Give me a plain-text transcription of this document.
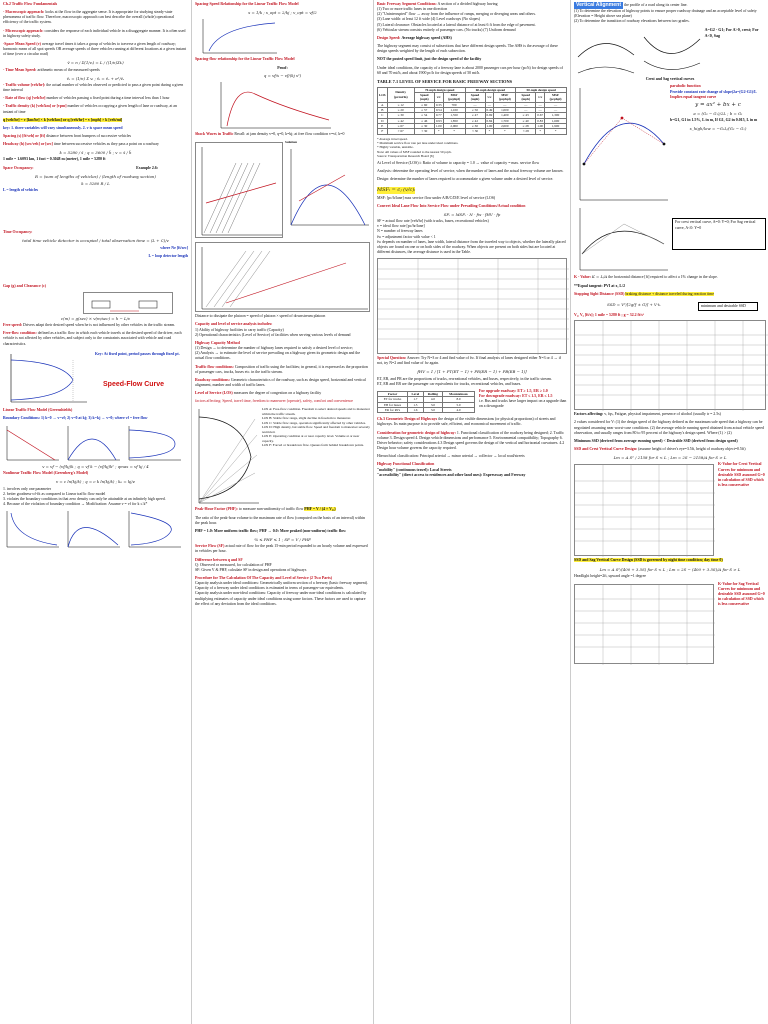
Ch.2 Traffic Flow Fundamentals
- Macroscopic approach: looks at the flow in the aggregate sense. It is appropriate for studying steady-state phenomena of traffic flow. Therefore, macroscopic approach can best describe the overall (whole) operational efficiency of the traffic system.
- Microscopic approach: considers the response of each individual vehicle in a disaggregate manner. It is often used in highway safety study.
-Space Mean Speed (v) average travel times it takes a group of vehicles to traverse a given length of roadway; harmonic mean of all spot speeds OR average speeds of three vehicles running at different locations at a given instant of time (over a circular road)
v̄ = n / Σ(1/vᵢ) = L / ((1/n)Σtᵢ)
- Time Mean Speed: arithmetic mean of the measured speeds
v̄ₜ = (1/n) Σ vᵢ ; v̄ₜ = v̄ₛ + σ²/v̄ₛ
- Traffic volume [veh/hr]: the actual number of vehicles observed or predicted to pass a given point during a given time interval
- Rate of flow (q) [veh/hr] number of vehicles passing a fixed point during a time interval less than 1 hour
- Traffic density (k) [veh/km] or [vpm] number of vehicles occupying a given length of lane or roadway, at an instant of time
q [veh/hr] = v [km/hr] × k [veh/km] or q [veh/hr] = v [mph] × k [veh/mi]
key: 1. three variables will vary simultaneously. 2. v is space mean speed
Spacing (s) [ft/veh] or [ft] distance between front bumpers of successive vehicles
Headway (h) [sec/veh] or [sec] time between successive vehicles as they pass a point on a roadway
k = 5280 / s̄ ; q = 3600 / h̄ ; v = s̄ / h̄
1 mile = 1.6093 km, 1 foot = 0.3048 m (meter), 1 mile = 5280 ft
Space Occupancy:	Example 2.6:
R = (sum of lengths of vehicles) / (length of roadway section)
k = 5280 R / L
L = length of vehicles
Time Occupancy:
total time vehicle detector is occupied / total observation time = (L + C)/v
where Ne [ft/sec]
L = loop detector length
Gap (g) and Clearance (c)
c(m) = g(sec) × v(m/sec) = h − L/v
Free speed: Drivers adapt their desired speed when he is not influenced by other vehicles in the traffic stream.
Free-flow condition: defined as a traffic flow in which each vehicle travels at the desired speed of the driver, each vehicle is not affected by other vehicles, and subject only to the constraints associated with vehicle and road characteristics.
Key: At fixed point, period passes through fixed pt.
Speed-Flow Curve
Linear Traffic Flow Model (Greenshields)
Boundary Conditions: 1) k=0 → v=vf; 2) v=0 at kj; 3) k=kj → v=0; where vf = free flow
v = vf − (vf/kj)k ; q = vf k − (vf/kj)k² ; qmax = vf kj / 4
Nonlinear Traffic Flow Model (Greenberg's Model)
v = c ln(kj/k) ; q = c k ln(kj/k) ; k₀ = kj/e
1. involves only one parameter
2. better goodness-of-fit as compared to Linear traffic flow model
3. violates the boundary conditions in that zero density can only be attainable at an infinitely high speed.
4. Because of the violation of boundary condition → Modification: Assume v = vf for k ≤ k*
Spacing-Speed Relationship for the Linear Traffic Flow Model
s = 1/k ; s_opt = 2/kj ; v_opt = vf/2
Spacing-flow relationship for the Linear Traffic Flow Model
Proof:
q = vf/s − vf/(kj s²)
Shock Waves in Traffic Recall: at jam density v=0, q=0, k=kj; at free flow condition v=vf, k=0
Solution
Distance to dissipate the platoon = speed of platoon × speed of downstream platoon
Capacity and level of service analysis includes:
1) Ability of highway facilities to carry traffic (Capacity)
2) Operational characteristics (Level of Service) of facilities when serving various levels of demand
Highway Capacity Method
(1) Design → to determine the number of highway lanes required to satisfy a desired level of service;
(2) Analysis → to estimate the level of service prevailing on a highway given its geometric design and the actual flow conditions.
Traffic flow conditions: Composition of traffic using the facilities; in general, it is expressed as the proportion of passenger cars, trucks, buses etc. in the traffic stream.
Roadway conditions: Geometric characteristics of the roadway, such as design speed, horizontal and vertical alignment, number and width of traffic lanes.
Level of Service (LOS) measures the degree of congestion on a highway facility
factors affecting: Speed, travel time, freedom to maneuver (operate), safety, comfort and convenience
LOS A: Free-flow condition. Freedom to select desired speeds and to maneuver within the traffic stream.
LOS B: Stable flow range, slight decline in freedom to maneuver.
LOS C: Stable flow range, operation significantly affected by other vehicles.
LOS D: High density, but stable flow. Speed and freedom to maneuver severely restricted.
LOS E: Operating condition at or near capacity level. Volume at or near capacity.
LOS F: Forced or breakdown flow. Queues form behind breakdown points.
Peak-Hour Factor (PHF): to measure non-uniformity of traffic flow PHF = V / (4 × V₁₅)
The ratio of the peak-hour volume to the maximum rate of flow (computed on the basis of an interval) within the peak hour.
PHF = 1.0: More uniform traffic flow; PHF → 0.0: More peaked (non-uniform) traffic flow
¼ ≤ PHF ≤ 1 ; SF = V / PHF
Service Flow (SF) actual rate of flow for the peak 15-min period expanded to an hourly volume and expressed in vehicles per hour.
Difference between q and SF
Q: Observed or measured, for calculation of PHF
SF: Given V & PHF, calculate SF in design and operations of highways
Procedure for The Calculation Of The Capacity and Level of Service (2 Two Parts)
Capacity analysis under ideal conditions: Geometrically uniform section of a freeway (basic freeway segment). Capacity of a freeway under ideal conditions is estimated in terms of passenger-car equivalents.
Capacity analysis under non-ideal conditions: Capacity of freeway under non-ideal conditions is calculated by multiplying estimates of capacity under ideal conditions using some factors. These factors are used to capture the effect of any deviation from the ideal conditions.
Basic Freeway Segment Conditions: A section of a divided highway having
(1) Two or more traffic lanes in one direction
(2) "Uninterrupted" flow → away from the influence of ramps, merging or diverging areas and others.
(3) Lane width: at least 12 ft wide (4) Level roadways (No slopes)
(5) Lateral clearance: Obstacles located at a lateral distance of at least 6 ft from the edge of pavement.
(6) Vehicular stream consists entirely of passenger cars. (No trucks) (7) Uniform demand
Design Speed: Average highway speed (AHS)
The highway segment may consist of subsections that have different design speeds. The AHS is the average of these design speeds weighted by the length of each subsection.
NOT the posted speed limit, just the design speed of the facility
Under ideal conditions, the capacity of a freeway lane is about 2000 passenger cars per hour (pc/h) for design speeds of 60 and 70 mi/h, and about 1900 pc/h for design speeds of 50 mi/h.
TABLE 7.1 LEVEL OF SERVICE FOR BASIC FREEWAY SECTIONS
LOS	Density (pc/mi/ln)	70-mph design speed			60-mph design speed			50-mph design speed		
		Speed (mph)	v/c	MSF (pcphpl)	Speed (mph)	v/c	MSF (pcphpl)	Speed (mph)	v/c	MSF (pcphpl)
A	≤ 12	≥ 60	0.35	700	—	—	—	—	—	—
B	≤ 20	≥ 57	0.54	1,100	≥ 50	0.49	1,000	—	—	—
C	≤ 30	≥ 54	0.77	1,550	≥ 47	0.69	1,400	≥ 43	0.67	1,300
D	≤ 42	≥ 46	0.93	1,850	≥ 42	0.84	1,700	≥ 40	0.83	1,600
E	≤ 67	≥ 30	1.00	2,000	≥ 30	1.00	2,000	≥ 28	1.00	1,900
F	> 67	< 30	*	*	< 30	*	*	< 28	*	*
* Average travel speed.
* Maximum service flow rate per lane under ideal conditions.
* Highly variable, unstable.
Note: All values of MSF rounded to the nearest 50 pcph.
Source: Transportation Research Board [6]
At Level of Service (LOS) i: Ratio of volume to capacity = 1.0 → value of capacity = max. service flow
Analysis: determine the operating level of service, when the number of lanes and the actual freeway volume are known.
Design: determine the number of lanes required to accommodate a given volume under a desired level of service.
MSFᵢ = cⱼ (v/c)ᵢ
MSF: [pc/h/lane] max service flow under A/B/C/D/E level of service (LOS)
Convert Ideal Lane Flow Into Service Flow under Prevailing Conditions/Actual condition
SFᵢ = MSFᵢ · N · fw · fHV · fp
SF = actual flow rate [veh/hr] (with trucks, buses, recreational vehicles)
v = ideal flow rate [pc/hr/lane]
N = number of freeway lanes
fw = adjustment factor with value < 1
fw depends on number of lanes, lane width, lateral distance from the traveled way to objects, whether the laterally placed objects are found on one or on both sides of the roadway. When objects are present on both sides but are located at different distances, the average distance is used in the Table.
Special Question: Answer: Try N=3 or 4 and find value of fw. If final analysis of lanes designed either N=3 or 4 → if not, try N=2 and find value of fw again.
fHV = 1 / [1 + PT(ET − 1) + PR(ER − 1) + PB(EB − 1)]
ET, ER, and PR are the proportions of trucks, recreational vehicles, and buses, respectively, in the traffic stream.
ET, ER and EB are the passenger car equivalents for trucks, recreational vehicles, and buses.
Factor	Level	Rolling	Mountainous
ET for trucks	1.7	4.0	8.0
EB for buses	1.5	3.0	5.0
ER for RVs	1.6	3.0	4.0
For upgrade roadway: ET ≥ 1.5, ER ≥ 1.0
For downgrade roadway: ET ≤ 1.5, ER ≤ 1.5
i.e. Bus and trucks have larger impact on a upgrade than on a downgrade
Ch.3 Geometric Design of Highways the design of the visible dimensions (or physical proportions) of streets and highways. Its main purpose is to provide safe, efficient, and economical movement of traffic.
Consideration for geometric design of highway: 1. Functional classification of the roadway being designed; 2. Traffic volume 3. Design speed 4. Design vehicle dimensions and performance 5. Environmental compatibility; Topography 6. Driver behavior; safety considerations 4.3 Design speed governs the design of the vertical and horizontal curvatures. 4.2 Design hour volume governs the capacity required.
Hierarchical classification: Principal arterial → minor arterial → collector → local road/streets
Highway Functional Classification
"mobility" (continuous travel): Local Streets
"accessibility" (direct access to residences and other land uses): Expressway and Freeway
Vertical Alignment the profile of a road along its center line.
(1) To determine the elevation of highway points to ensure proper roadway drainage and an acceptable level of safety (Elevation = Height above sea plane)
(2) To determine the transition of roadway elevations between two grades.
A=G2 - G1; For A>0, crest; For A<0, Sag
Crest and Sag vertical curves
parabolic function
Provide constant rate change of slope(2a=(G2-G1)/L
Implies equal tangent curve
y = ax² + bx + c
a = (G₂ − G₁)/2L ; b = G₁
b=G1, G1 in 1.5%, L in m, If G1, G2 in 0.015, L in m
x_high/low = −G₁L/(G₂ − G₁)
For crest vertical curve, A=0: Y=0; For Sag vertical curve, A<0: Y=0
K - Value: K = L/A the horizontal distance [ft] required to affect a 1% change in the slope.
**Equal tangent: PVI at x, L/2
Stopping Sight Distance (SSD) braking distance + distance traveled during reaction time
SSD = V²/[2g(f ± G)] + V·tᵣ	minimum and desirable SSD
V₁, V₂ [ft/s]; 1 mile = 5280 ft ; g = 32.2 ft/s²
Factors affecting: v, fqs, Fatigue, physical impairment, presence of alcohol (usually tr = 2.5s)
2 values considered for V: (1) the design speed of the highway defined as the maximum safe speed that a highway can be negotiated assuming near worst-case conditions. (2) the average vehicle running speed obtained from actual vehicle speed observation, and usually ranges from 80 to 95 percent of the highway's design speed. Where (1) > (2)
Minimum SSD (derived from average running speed) < Desirable SSD (derived from design speed)
SSD and Crest Vertical Curve Design: (assume height of driver's eye=3.5ft, height of roadway object=0.5ft)
Lm = A S² / 2158 for S < L ; Lm = 2S − 2158/A for S > L
K-Value for Crest Vertical Curves for minimum and desirable SSD assumed G=0 in calculation of SSD which is less conservative
SSD and Sag Vertical Curve Design (SSD is governed by night time condition; day time 0)
Lm = A S²/(400 + 3.5S) for S < L ; Lm = 2S − (400 + 3.5S)/A for S > L
Headlight height=2ft, upward angle =1 degree
K-Value for Sag Vertical Curves for minimum and desirable SSD assumed G=0 in calculation of SSD which is less conservative
